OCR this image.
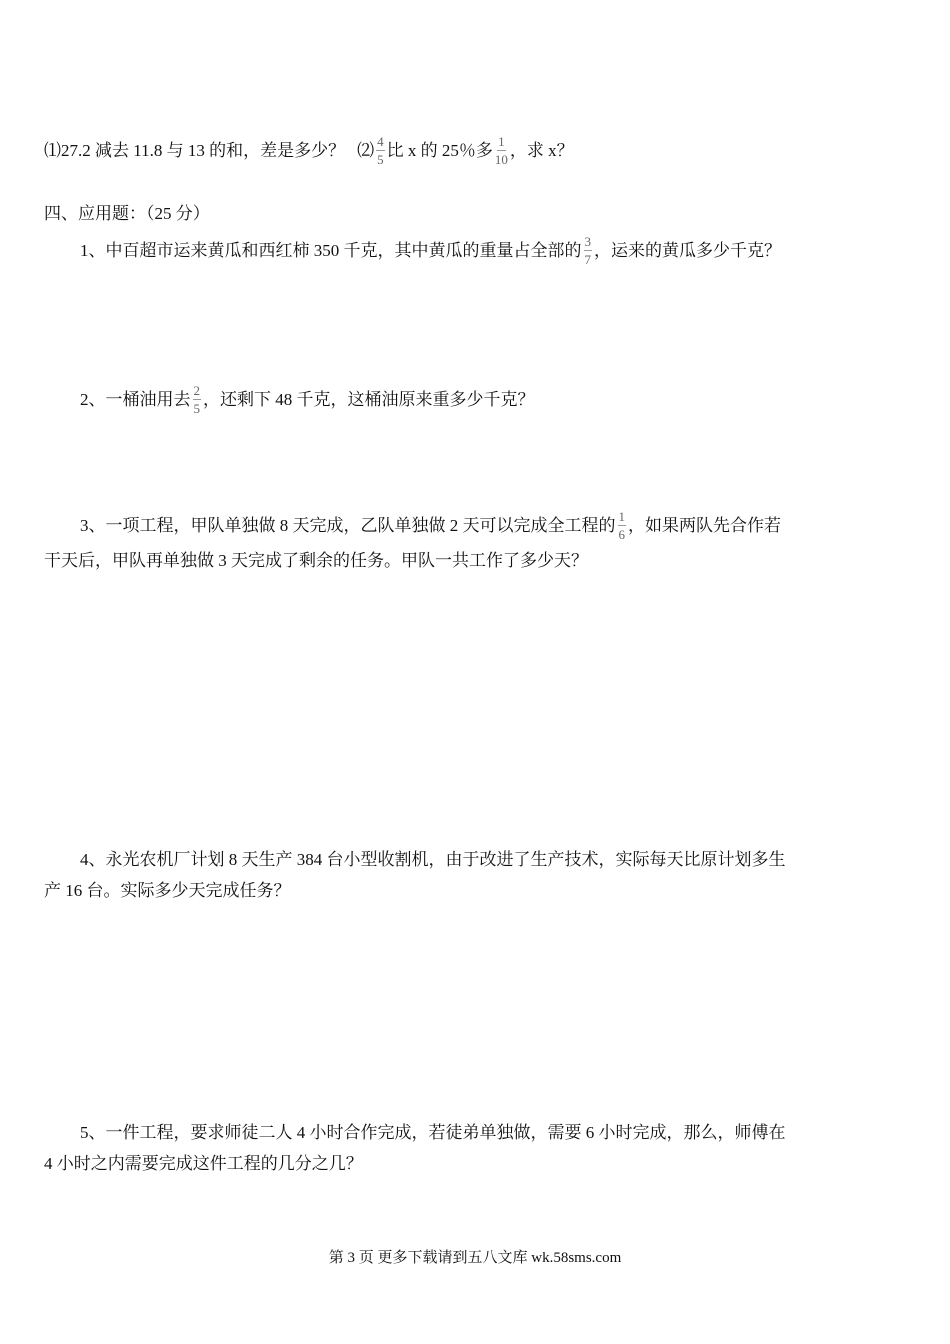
⑴27.2 减去 11.8 与 13 的和，差是多少？ ⑵ $\frac{4}{5}$ 比 x 的 25％多 $\frac{1}{10}$ ，求 x？
四、应用题：（25 分）
1、中百超市运来黄瓜和西红柿 350 千克，其中黄瓜的重量占全部的 $\frac{3}{7}$ ，运来的黄瓜多少千克？
2、一桶油用去 $\frac{2}{5}$ ，还剩下 48 千克，这桶油原来重多少千克？
3、一项工程，甲队单独做 8 天完成，乙队单独做 2 天可以完成全工程的 $\frac{1}{6}$ ，如果两队先合作若
干天后，甲队再单独做 3 天完成了剩余的任务。甲队一共工作了多少天？
4、永光农机厂计划 8 天生产 384 台小型收割机，由于改进了生产技术，实际每天比原计划多生
产 16 台。实际多少天完成任务？
5、一件工程，要求师徒二人 4 小时合作完成，若徒弟单独做，需要 6 小时完成，那么，师傅在
4 小时之内需要完成这件工程的几分之几？
第 3 页 更多下载请到五八文库 wk.58sms.com
